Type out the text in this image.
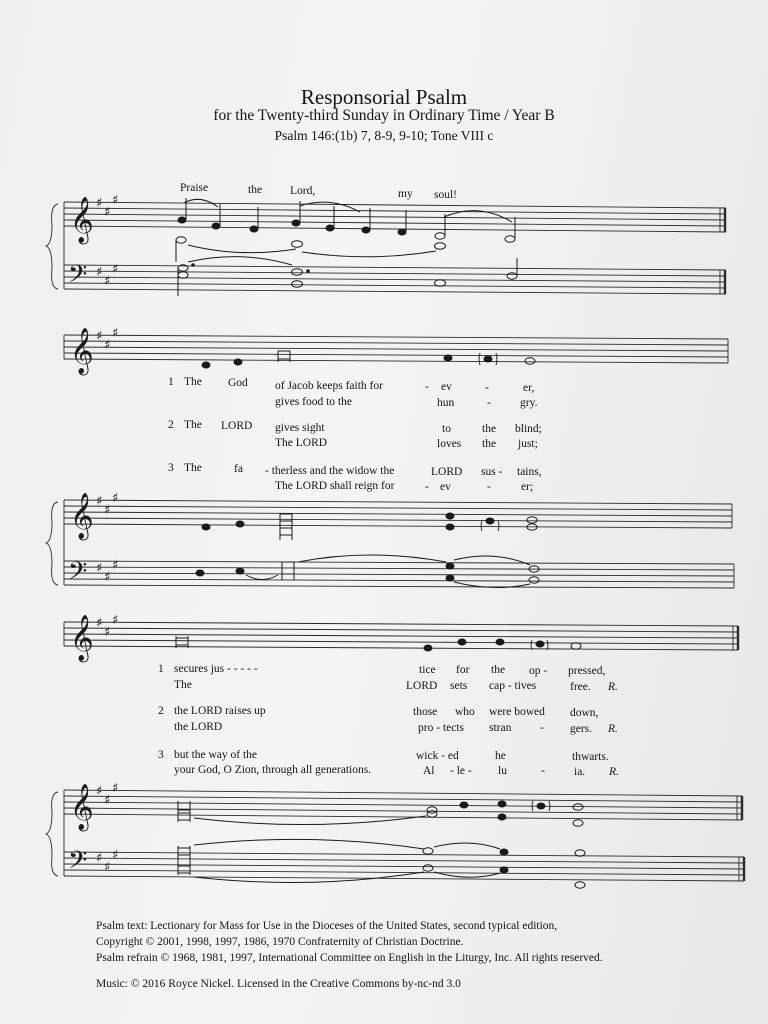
Responsorial Psalm
for the Twenty-third Sunday in Ordinary Time / Year B
Psalm 146:(1b) 7, 8-9, 9-10; Tone VIII c
Praise	the Lord,	my soul!
𝄞
𝄢
𝄞
𝄞
𝄢
𝄞
𝄞
𝄢
♯
♯
♯
♯
♯
♯
♯
♯
♯
♯
♯
♯
♯
♯
♯
♯
♯
♯
♯
♯
♯
♯
♯
♯
1 The God of Jacob keeps faith for	- ev	-	er,
gives food to the	hun	-	gry.
2 The LORD gives sight	to	the blind;
The LORD	loves the just;
3 The	fa - therless and the widow the	LORD sus - tains,
The LORD shall reign for	- ev	-	er;
1 secures jus - - - - -	tice for the op - pressed,
The	LORD sets cap - tives	free. R.
2 the LORD raises up	those who were bowed down,
the LORD	pro - tects stran - gers. R.
3 but the way of the	wick - ed	he	thwarts.
your God, O Zion, through all generations.	Al - le - lu	-	ia. R.
Psalm text: Lectionary for Mass for Use in the Dioceses of the United States, second typical edition,
Copyright © 2001, 1998, 1997, 1986, 1970 Confraternity of Christian Doctrine.
Psalm refrain © 1968, 1981, 1997, International Committee on English in the Liturgy, Inc. All rights reserved.
Music: © 2016 Royce Nickel. Licensed in the Creative Commons by-nc-nd 3.0
